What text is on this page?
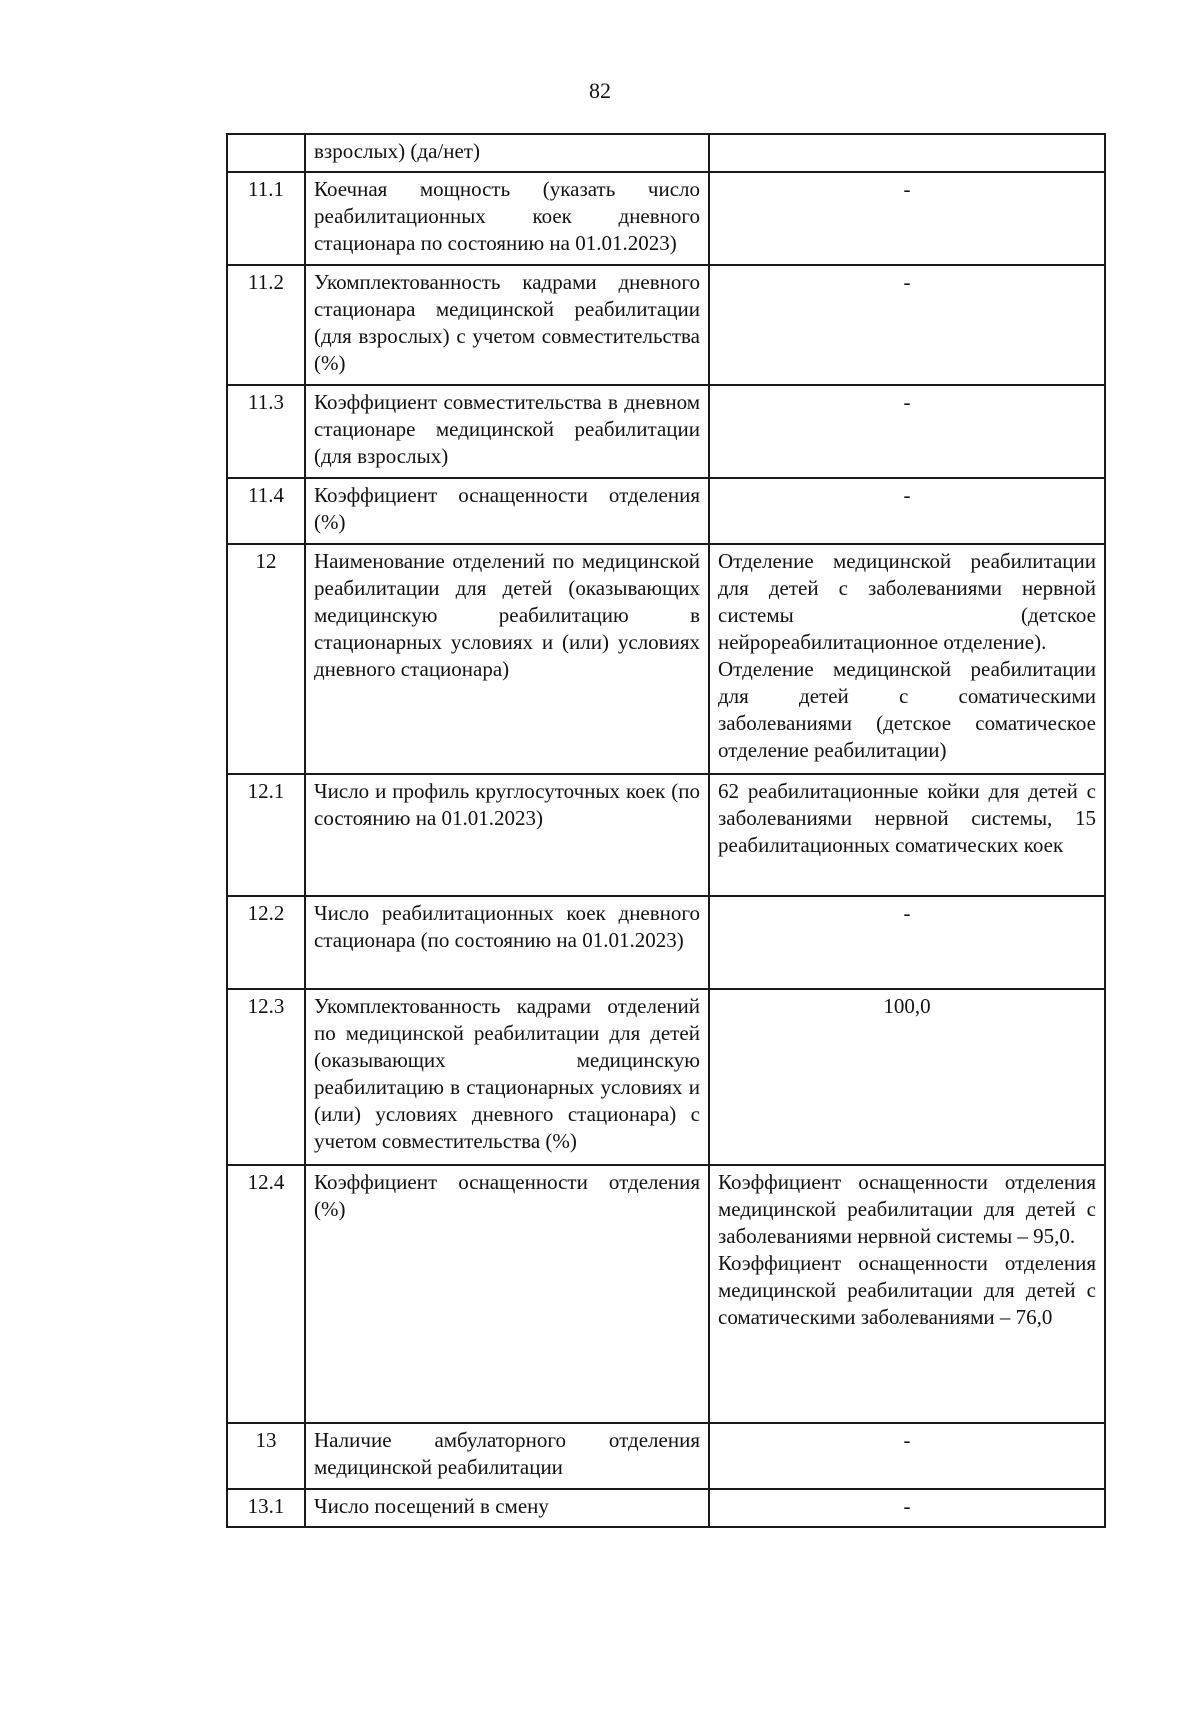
82
	взрослых) (да/нет)	
11.1	Коечная мощность (указать число реабилитационных коек дневного стационара по состоянию на 01.01.2023)	-
11.2	Укомплектованность кадрами дневного стационара медицинской реабилитации (для взрослых) с учетом совместительства (%)	-
11.3	Коэффициент совместительства в дневном стационаре медицинской реабилитации (для взрослых)	-
11.4	Коэффициент оснащенности отделения (%)	-
12	Наименование отделений по медицинской реабилитации для детей (оказывающих медицинскую реабилитацию в стационарных условиях и (или) условиях дневного стационара)	Отделение медицинской реабилитации для детей с заболеваниями нервной системы (детское нейрореабилитационное отделение).
Отделение медицинской реабилитации для детей с соматическими заболеваниями (детское соматическое отделение реабилитации)
12.1	Число и профиль круглосуточных коек (по состоянию на 01.01.2023)	62 реабилитационные койки для детей с заболеваниями нервной системы, 15 реабилитационных соматических коек
12.2	Число реабилитационных коек дневного стационара (по состоянию на 01.01.2023)	-
12.3	Укомплектованность кадрами отделений по медицинской реабилитации для детей (оказывающих медицинскую реабилитацию в стационарных условиях и (или) условиях дневного стационара) с учетом совместительства (%)	100,0
12.4	Коэффициент оснащенности отделения (%)	Коэффициент оснащенности отделения медицинской реабилитации для детей с заболеваниями нервной системы – 95,0.
Коэффициент оснащенности отделения медицинской реабилитации для детей с соматическими заболеваниями – 76,0
13	Наличие амбулаторного отделения медицинской реабилитации	-
13.1	Число посещений в смену	-
